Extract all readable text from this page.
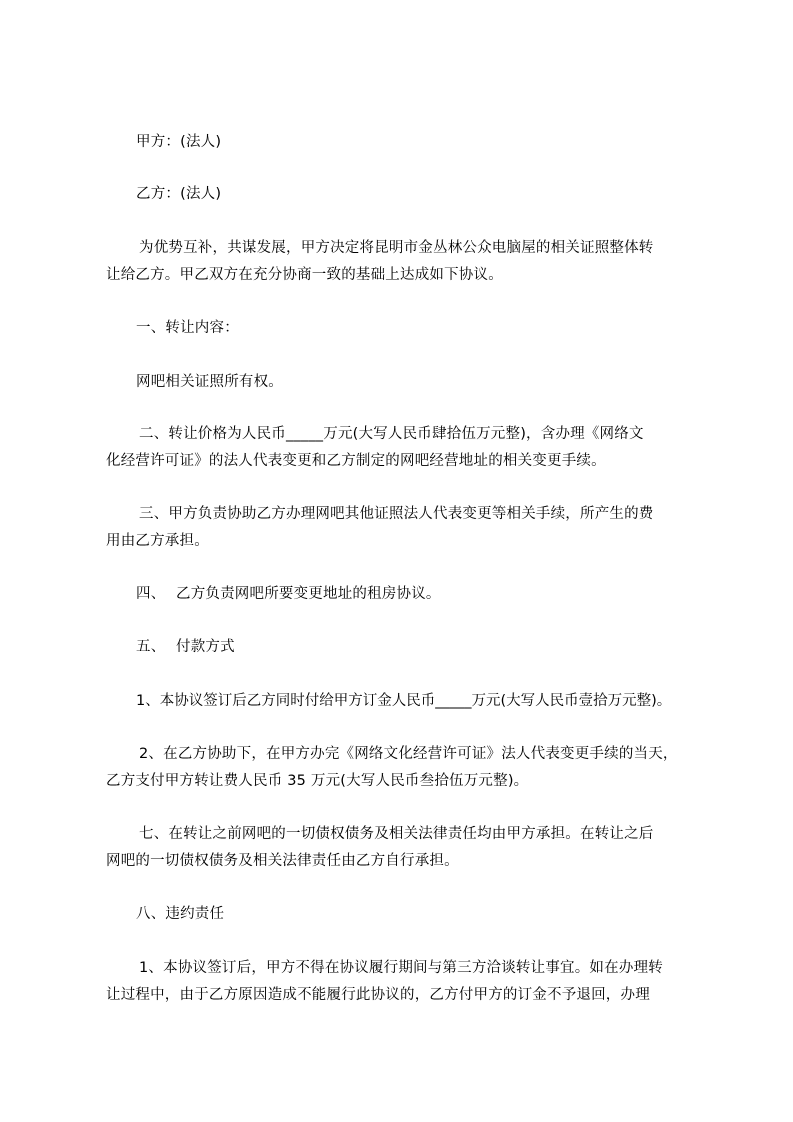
甲方：(法人)
乙方：(法人)
为优势互补，共谋发展，甲方决定将昆明市金丛林公众电脑屋的相关证照整体转
让给乙方。甲乙双方在充分协商一致的基础上达成如下协议。
一、转让内容：
网吧相关证照所有权。
二、转让价格为人民币_____万元(大写人民币肆拾伍万元整)，含办理《网络文
化经营许可证》的法人代表变更和乙方制定的网吧经营地址的相关变更手续。
三、甲方负责协助乙方办理网吧其他证照法人代表变更等相关手续，所产生的费
用由乙方承担。
四、 乙方负责网吧所要变更地址的租房协议。
五、 付款方式
1、本协议签订后乙方同时付给甲方订金人民币_____万元(大写人民币壹拾万元整)。
2、在乙方协助下，在甲方办完《网络文化经营许可证》法人代表变更手续的当天，
乙方支付甲方转让费人民币 35 万元(大写人民币叁拾伍万元整)。
七、在转让之前网吧的一切债权债务及相关法律责任均由甲方承担。在转让之后
网吧的一切债权债务及相关法律责任由乙方自行承担。
八、违约责任
1、本协议签订后，甲方不得在协议履行期间与第三方洽谈转让事宜。如在办理转
让过程中，由于乙方原因造成不能履行此协议的，乙方付甲方的订金不予退回，办理
